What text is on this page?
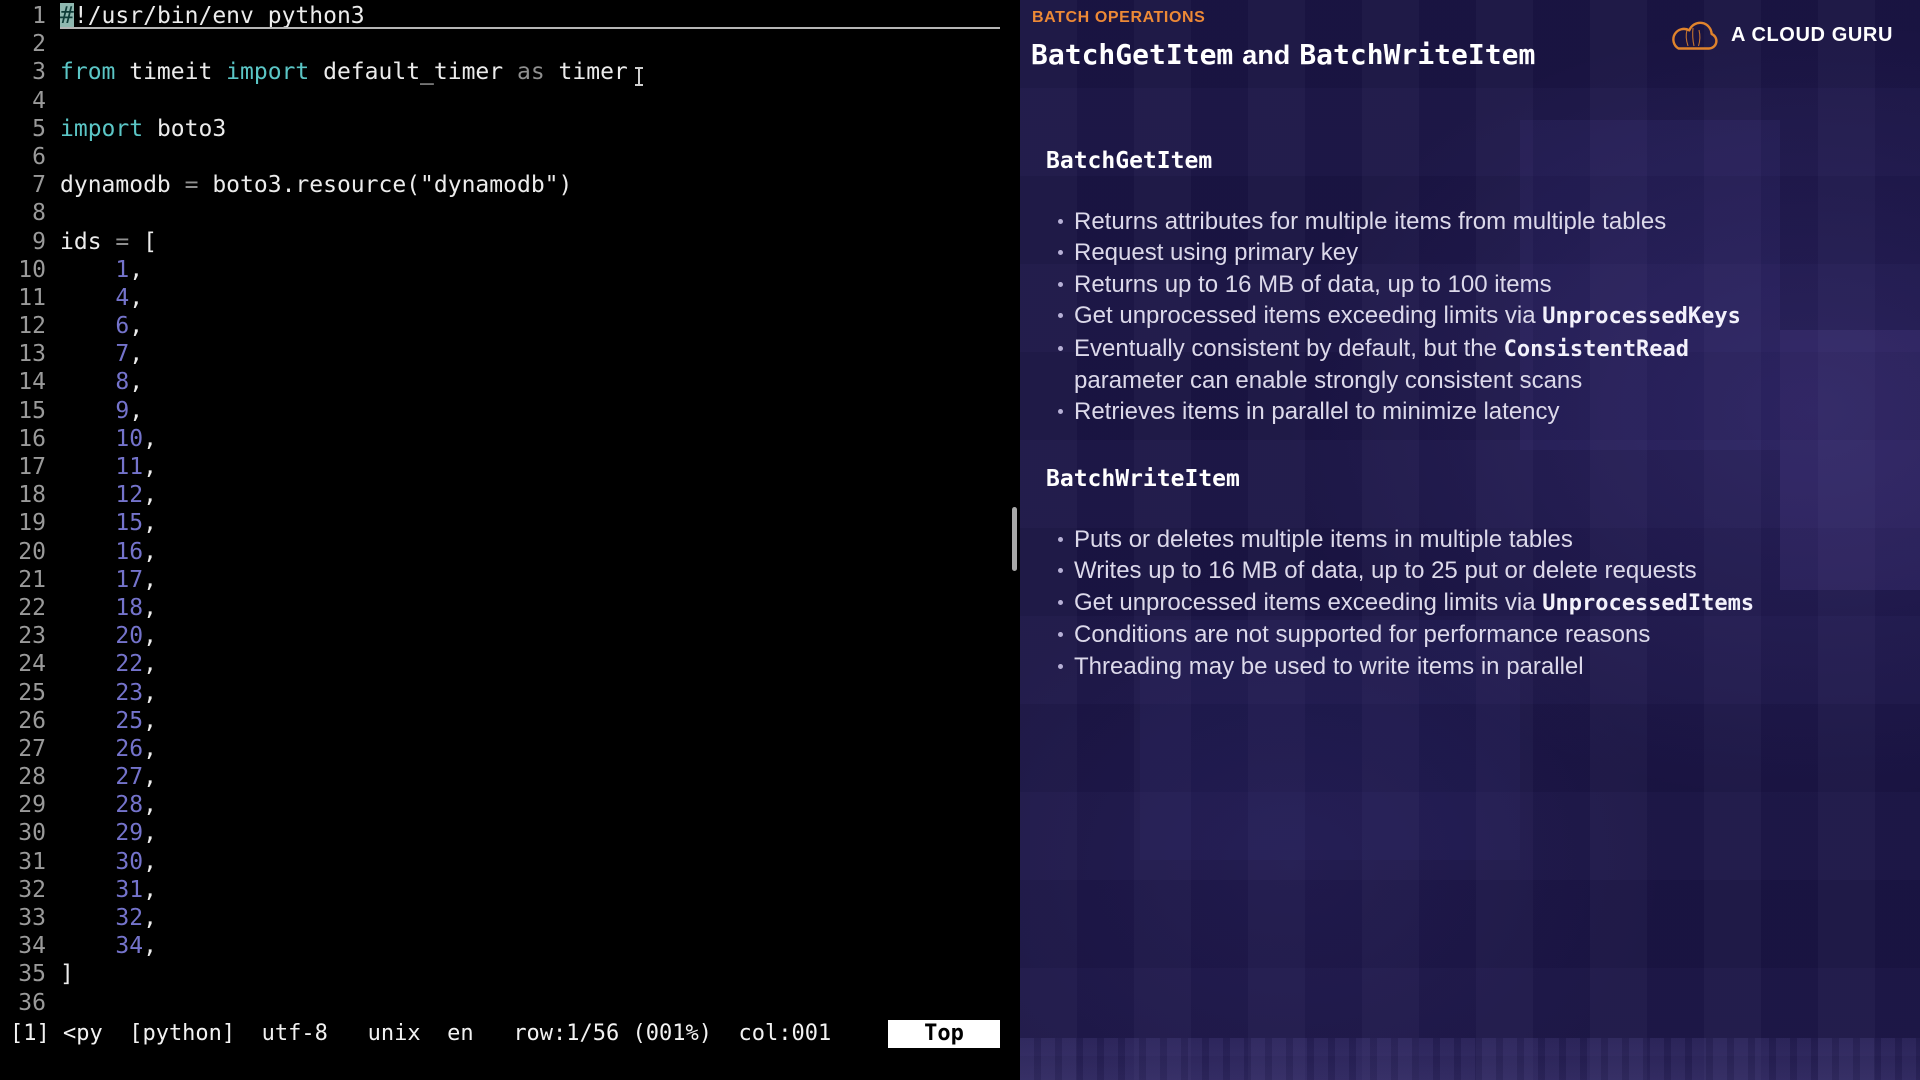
1 #!/usr/bin/env python3
2
3 from timeit import default_timer as timer
4
5 import boto3
6
7 dynamodb = boto3.resource("dynamodb")
8
9 ids = [
10	1,
11	4,
12	6,
13	7,
14	8,
15	9,
16	10,
17	11,
18	12,
19	15,
20	16,
21	17,
22	18,
23	20,
24	22,
25	23,
26	25,
27	26,
28	27,
29	28,
30	29,
31	30,
32	31,
33	32,
34	34,
35 ]
36
[1] <py  [python]  utf-8   unix  en   row:1/56 (001%)  col:001	Top
BATCH OPERATIONS
BatchGetItem and BatchWriteItem
A CLOUD GURU
BatchGetItem
Returns attributes for multiple items from multiple tables
Request using primary key
Returns up to 16 MB of data, up to 100 items
Get unprocessed items exceeding limits via UnprocessedKeys
Eventually consistent by default, but the ConsistentRead
parameter can enable strongly consistent scans
Retrieves items in parallel to minimize latency
BatchWriteItem
Puts or deletes multiple items in multiple tables
Writes up to 16 MB of data, up to 25 put or delete requests
Get unprocessed items exceeding limits via UnprocessedItems
Conditions are not supported for performance reasons
Threading may be used to write items in parallel
